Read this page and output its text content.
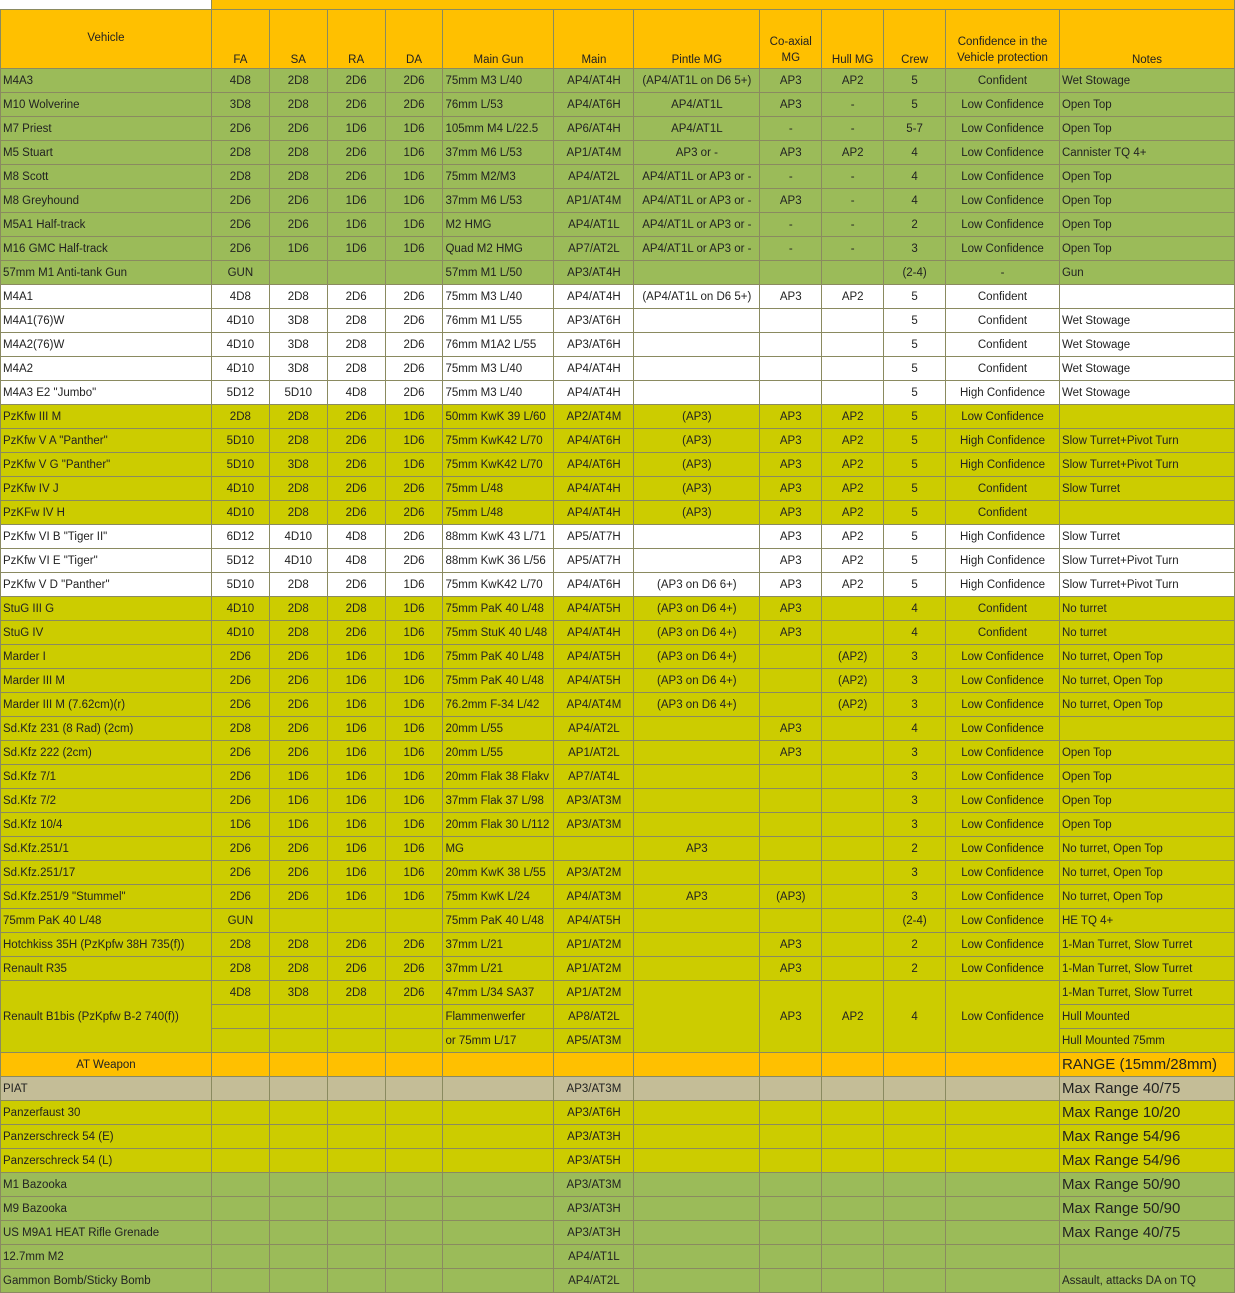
Vehicle	FA	SA	RA	DA	Main Gun	Main	Pintle MG	Co-axial MG	Hull MG	Crew	Confidence in the Vehicle protection	Notes
M4A3	4D8	2D8	2D6	2D6	75mm M3 L/40	AP4/AT4H	(AP4/AT1L on D6 5+)	AP3	AP2	5	Confident	Wet Stowage
M10 Wolverine	3D8	2D8	2D6	2D6	76mm L/53	AP4/AT6H	AP4/AT1L	AP3	-	5	Low Confidence	Open Top
M7 Priest	2D6	2D6	1D6	1D6	105mm M4 L/22.5	AP6/AT4H	AP4/AT1L	-	-	5-7	Low Confidence	Open Top
M5 Stuart	2D8	2D8	2D6	1D6	37mm M6 L/53	AP1/AT4M	AP3 or -	AP3	AP2	4	Low Confidence	Cannister TQ 4+
M8 Scott	2D8	2D8	2D6	1D6	75mm M2/M3	AP4/AT2L	AP4/AT1L or AP3 or -	-	-	4	Low Confidence	Open Top
M8 Greyhound	2D6	2D6	1D6	1D6	37mm M6 L/53	AP1/AT4M	AP4/AT1L or AP3 or -	AP3	-	4	Low Confidence	Open Top
M5A1 Half-track	2D6	2D6	1D6	1D6	M2 HMG	AP4/AT1L	AP4/AT1L or AP3 or -	-	-	2	Low Confidence	Open Top
M16 GMC Half-track	2D6	1D6	1D6	1D6	Quad M2 HMG	AP7/AT2L	AP4/AT1L or AP3 or -	-	-	3	Low Confidence	Open Top
57mm M1 Anti-tank Gun	GUN				57mm M1 L/50	AP3/AT4H				(2-4)	-	Gun
M4A1	4D8	2D8	2D6	2D6	75mm M3 L/40	AP4/AT4H	(AP4/AT1L on D6 5+)	AP3	AP2	5	Confident	
M4A1(76)W	4D10	3D8	2D8	2D6	76mm M1 L/55	AP3/AT6H				5	Confident	Wet Stowage
M4A2(76)W	4D10	3D8	2D8	2D6	76mm M1A2 L/55	AP3/AT6H				5	Confident	Wet Stowage
M4A2	4D10	3D8	2D8	2D6	75mm M3 L/40	AP4/AT4H				5	Confident	Wet Stowage
M4A3 E2 "Jumbo"	5D12	5D10	4D8	2D6	75mm M3 L/40	AP4/AT4H				5	High Confidence	Wet Stowage
PzKfw III M	2D8	2D8	2D6	1D6	50mm KwK 39 L/60	AP2/AT4M	(AP3)	AP3	AP2	5	Low Confidence	
PzKfw V A "Panther"	5D10	2D8	2D6	1D6	75mm KwK42 L/70	AP4/AT6H	(AP3)	AP3	AP2	5	High Confidence	Slow Turret+Pivot Turn
PzKfw V G "Panther"	5D10	3D8	2D6	1D6	75mm KwK42 L/70	AP4/AT6H	(AP3)	AP3	AP2	5	High Confidence	Slow Turret+Pivot Turn
PzKfw IV J	4D10	2D8	2D6	2D6	75mm L/48	AP4/AT4H	(AP3)	AP3	AP2	5	Confident	Slow Turret
PzKFw IV H	4D10	2D8	2D6	2D6	75mm L/48	AP4/AT4H	(AP3)	AP3	AP2	5	Confident	
PzKfw VI B "Tiger II"	6D12	4D10	4D8	2D6	88mm KwK 43 L/71	AP5/AT7H		AP3	AP2	5	High Confidence	Slow Turret
PzKfw VI E "Tiger"	5D12	4D10	4D8	2D6	88mm KwK 36 L/56	AP5/AT7H		AP3	AP2	5	High Confidence	Slow Turret+Pivot Turn
PzKfw V D "Panther"	5D10	2D8	2D6	1D6	75mm KwK42 L/70	AP4/AT6H	(AP3 on D6 6+)	AP3	AP2	5	High Confidence	Slow Turret+Pivot Turn
StuG III G	4D10	2D8	2D8	1D6	75mm PaK 40 L/48	AP4/AT5H	(AP3 on D6 4+)	AP3		4	Confident	No turret
StuG IV	4D10	2D8	2D6	1D6	75mm StuK 40 L/48	AP4/AT4H	(AP3 on D6 4+)	AP3		4	Confident	No turret
Marder I	2D6	2D6	1D6	1D6	75mm PaK 40 L/48	AP4/AT5H	(AP3 on D6 4+)		(AP2)	3	Low Confidence	No turret, Open Top
Marder III M	2D6	2D6	1D6	1D6	75mm PaK 40 L/48	AP4/AT5H	(AP3 on D6 4+)		(AP2)	3	Low Confidence	No turret, Open Top
Marder III M (7.62cm)(r)	2D6	2D6	1D6	1D6	76.2mm F-34 L/42	AP4/AT4M	(AP3 on D6 4+)		(AP2)	3	Low Confidence	No turret, Open Top
Sd.Kfz 231 (8 Rad) (2cm)	2D8	2D6	1D6	1D6	20mm L/55	AP4/AT2L		AP3		4	Low Confidence	
Sd.Kfz 222 (2cm)	2D6	2D6	1D6	1D6	20mm L/55	AP1/AT2L		AP3		3	Low Confidence	Open Top
Sd.Kfz 7/1	2D6	1D6	1D6	1D6	20mm Flak 38 Flakv	AP7/AT4L				3	Low Confidence	Open Top
Sd.Kfz 7/2	2D6	1D6	1D6	1D6	37mm Flak 37 L/98	AP3/AT3M				3	Low Confidence	Open Top
Sd.Kfz 10/4	1D6	1D6	1D6	1D6	20mm Flak 30 L/112	AP3/AT3M				3	Low Confidence	Open Top
Sd.Kfz.251/1	2D6	2D6	1D6	1D6	MG		AP3			2	Low Confidence	No turret, Open Top
Sd.Kfz.251/17	2D6	2D6	1D6	1D6	20mm KwK 38 L/55	AP3/AT2M				3	Low Confidence	No turret, Open Top
Sd.Kfz.251/9 "Stummel"	2D6	2D6	1D6	1D6	75mm KwK L/24	AP4/AT3M	AP3	(AP3)		3	Low Confidence	No turret, Open Top
75mm PaK 40 L/48	GUN				75mm PaK 40 L/48	AP4/AT5H				(2-4)	Low Confidence	HE TQ 4+
Hotchkiss 35H (PzKpfw 38H 735(f))	2D8	2D8	2D6	2D6	37mm L/21	AP1/AT2M		AP3		2	Low Confidence	1-Man Turret, Slow Turret
Renault R35	2D8	2D8	2D6	2D6	37mm L/21	AP1/AT2M		AP3		2	Low Confidence	1-Man Turret, Slow Turret
Renault B1bis (PzKpfw B-2 740(f))	4D8	3D8	2D8	2D6	47mm L/34 SA37	AP1/AT2M		AP3	AP2	4	Low Confidence	1-Man Turret, Slow Turret
					Flammenwerfer	AP8/AT2L						Hull Mounted
					or 75mm L/17	AP5/AT3M						Hull Mounted 75mm
AT Weapon												RANGE (15mm/28mm)
PIAT						AP3/AT3M						Max Range 40/75
Panzerfaust 30						AP3/AT6H						Max Range 10/20
Panzerschreck 54 (E)						AP3/AT3H						Max Range 54/96
Panzerschreck 54 (L)						AP3/AT5H						Max Range 54/96
M1 Bazooka						AP3/AT3M						Max Range 50/90
M9 Bazooka						AP3/AT3H						Max Range 50/90
US M9A1 HEAT Rifle Grenade						AP3/AT3H						Max Range 40/75
12.7mm M2						AP4/AT1L						
Gammon Bomb/Sticky Bomb						AP4/AT2L						Assault, attacks DA on TQ
